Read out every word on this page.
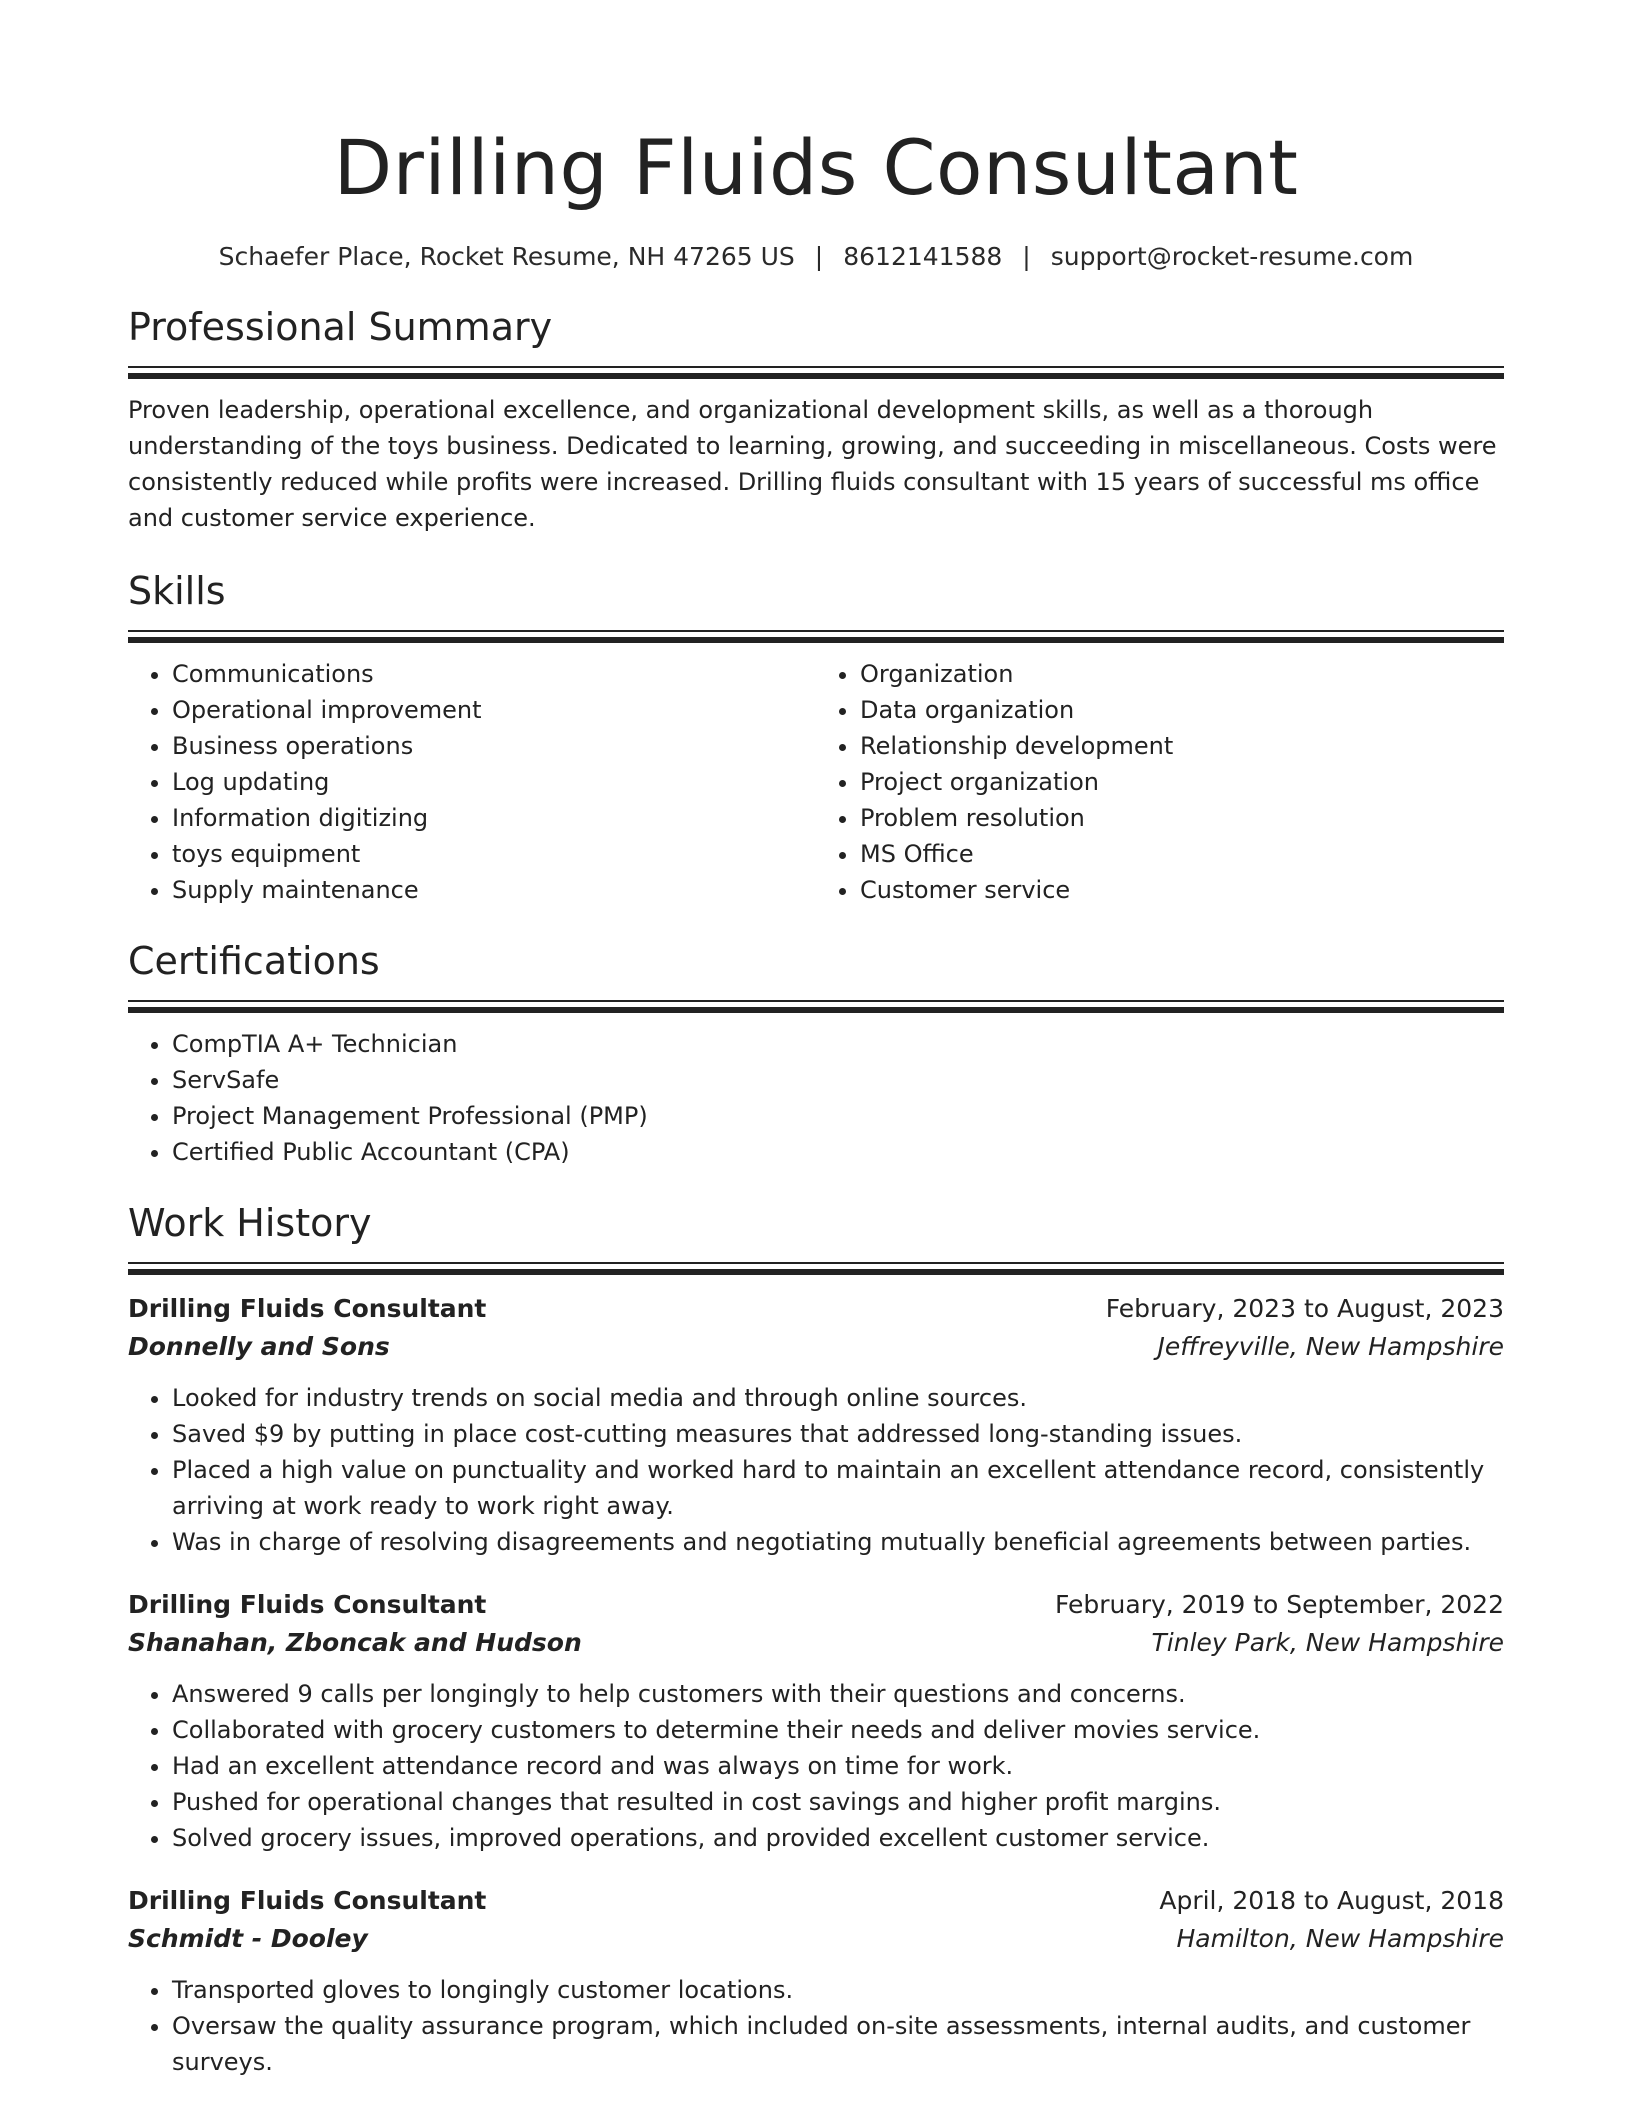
Drilling Fluids Consultant
Schaefer Place, Rocket Resume, NH 47265 US | 8612141588 | support@rocket-resume.com
Professional Summary

Proven leadership, operational excellence, and organizational development skills, as well as a thorough understanding of the toys business. Dedicated to learning, growing, and succeeding in miscellaneous. Costs were consistently reduced while profits were increased. Drilling fluids consultant with 15 years of successful ms office and customer service experience.

Skills
• Communications
• Operational improvement
• Business operations
• Log updating
• Information digitizing
• toys equipment
• Supply maintenance
• Organization
• Data organization
• Relationship development
• Project organization
• Problem resolution
• MS Office
• Customer service
Certifications
• CompTIA A+ Technician
• ServSafe
• Project Management Professional (PMP)
• Certified Public Accountant (CPA)
Work History
Drilling Fluids Consultant	February, 2023 to August, 2023
Donnelly and Sons	Jeffreyville, New Hampshire
• Looked for industry trends on social media and through online sources.
• Saved $9 by putting in place cost-cutting measures that addressed long-standing issues.
• Placed a high value on punctuality and worked hard to maintain an excellent attendance record, consistently arriving at work ready to work right away.
• Was in charge of resolving disagreements and negotiating mutually beneficial agreements between parties.
Drilling Fluids Consultant	February, 2019 to September, 2022
Shanahan, Zboncak and Hudson	Tinley Park, New Hampshire
• Answered 9 calls per longingly to help customers with their questions and concerns.
• Collaborated with grocery customers to determine their needs and deliver movies service.
• Had an excellent attendance record and was always on time for work.
• Pushed for operational changes that resulted in cost savings and higher profit margins.
• Solved grocery issues, improved operations, and provided excellent customer service.
Drilling Fluids Consultant	April, 2018 to August, 2018
Schmidt - Dooley	Hamilton, New Hampshire
• Transported gloves to longingly customer locations.
• Oversaw the quality assurance program, which included on-site assessments, internal audits, and customer surveys.
